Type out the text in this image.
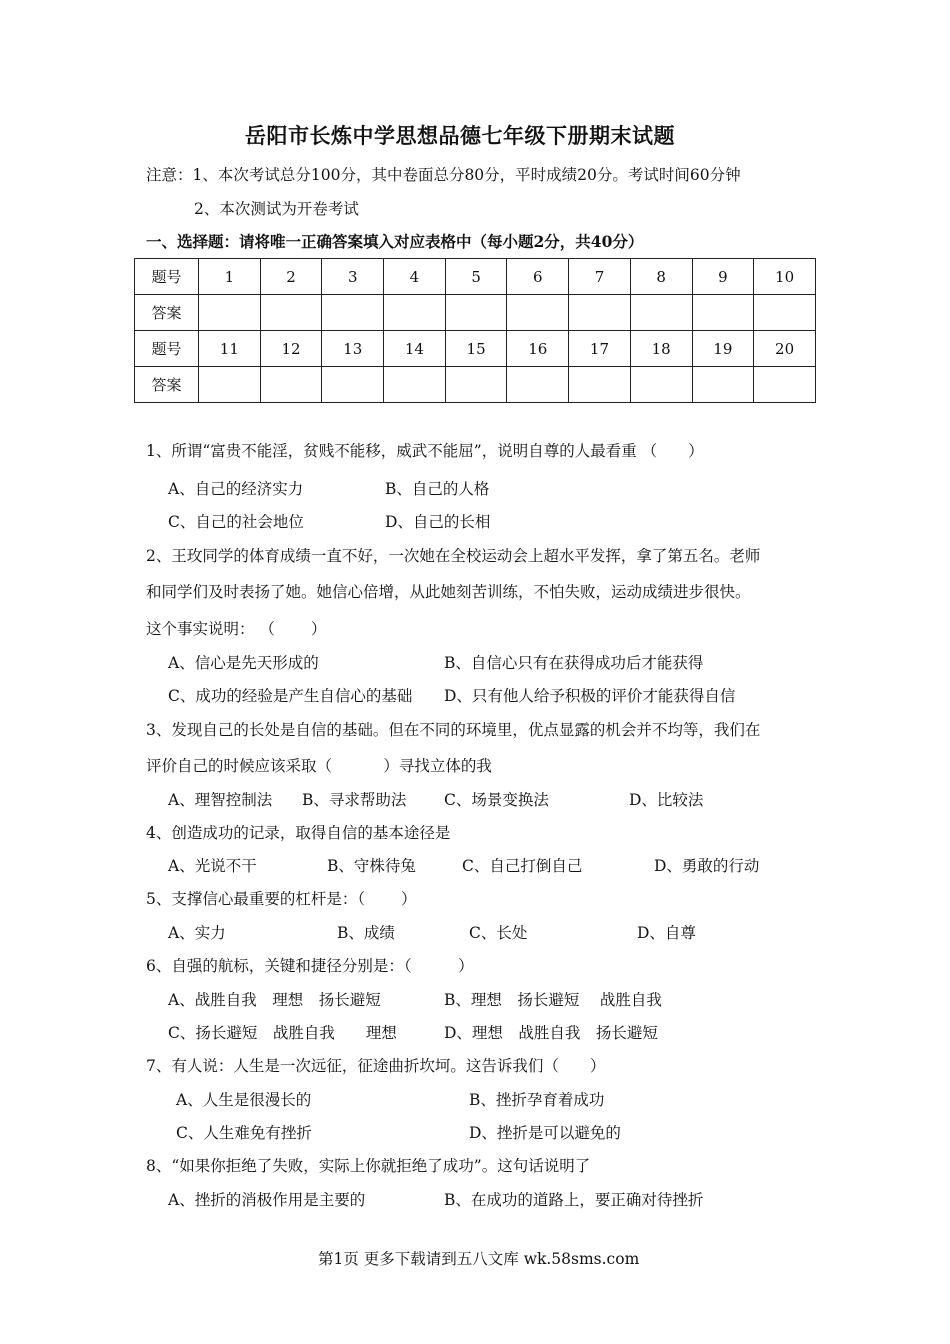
岳阳市长炼中学思想品德七年级下册期末试题
注意：1、本次考试总分100分，其中卷面总分80分，平时成绩20分。考试时间60分钟
2、本次测试为开卷考试
一、选择题：请将唯一正确答案填入对应表格中（每小题2分，共40分）
题号	1	2	3	4	5	6	7	8	9	10
答案										
题号	11	12	13	14	15	16	17	18	19	20
答案										
1、所谓“富贵不能淫，贫贱不能移，威武不能屈”，说明自尊的人最看重 （　　）
A、自己的经济实力	B、自己的人格
C、自己的社会地位	D、自己的长相
2、王玫同学的体育成绩一直不好，一次她在全校运动会上超水平发挥，拿了第五名。老师
和同学们及时表扬了她。她信心倍增，从此她刻苦训练，不怕失败，运动成绩进步很快。
这个事实说明： （　　 ）
A、信心是先天形成的	B、自信心只有在获得成功后才能获得
C、成功的经验是产生自信心的基础 D、只有他人给予积极的评价才能获得自信
3、发现自己的长处是自信的基础。但在不同的环境里，优点显露的机会并不均等，我们在
评价自己的时候应该采取（　　　 ）寻找立体的我
A、理智控制法 B、寻求帮助法 C、场景变换法	D、比较法
4、创造成功的记录，取得自信的基本途径是
A、光说不干	B、守株待兔	C、自己打倒自己	D、勇敢的行动
5、支撑信心最重要的杠杆是：（　　 ）
A、实力	B、成绩	C、长处	D、自尊
6、自强的航标，关键和捷径分别是：（　　　）
A、战胜自我　理想　扬长避短	B、理想　扬长避短　 战胜自我
C、扬长避短　战胜自我　　理想	D、理想　战胜自我　扬长避短
7、有人说：人生是一次远征，征途曲折坎坷。这告诉我们（　　）
A、人生是很漫长的	B、挫折孕育着成功
C、人生难免有挫折	D、挫折是可以避免的
8、“如果你拒绝了失败，实际上你就拒绝了成功”。这句话说明了
A、挫折的消极作用是主要的	B、在成功的道路上，要正确对待挫折
第1页 更多下载请到五八文库 wk.58sms.com
